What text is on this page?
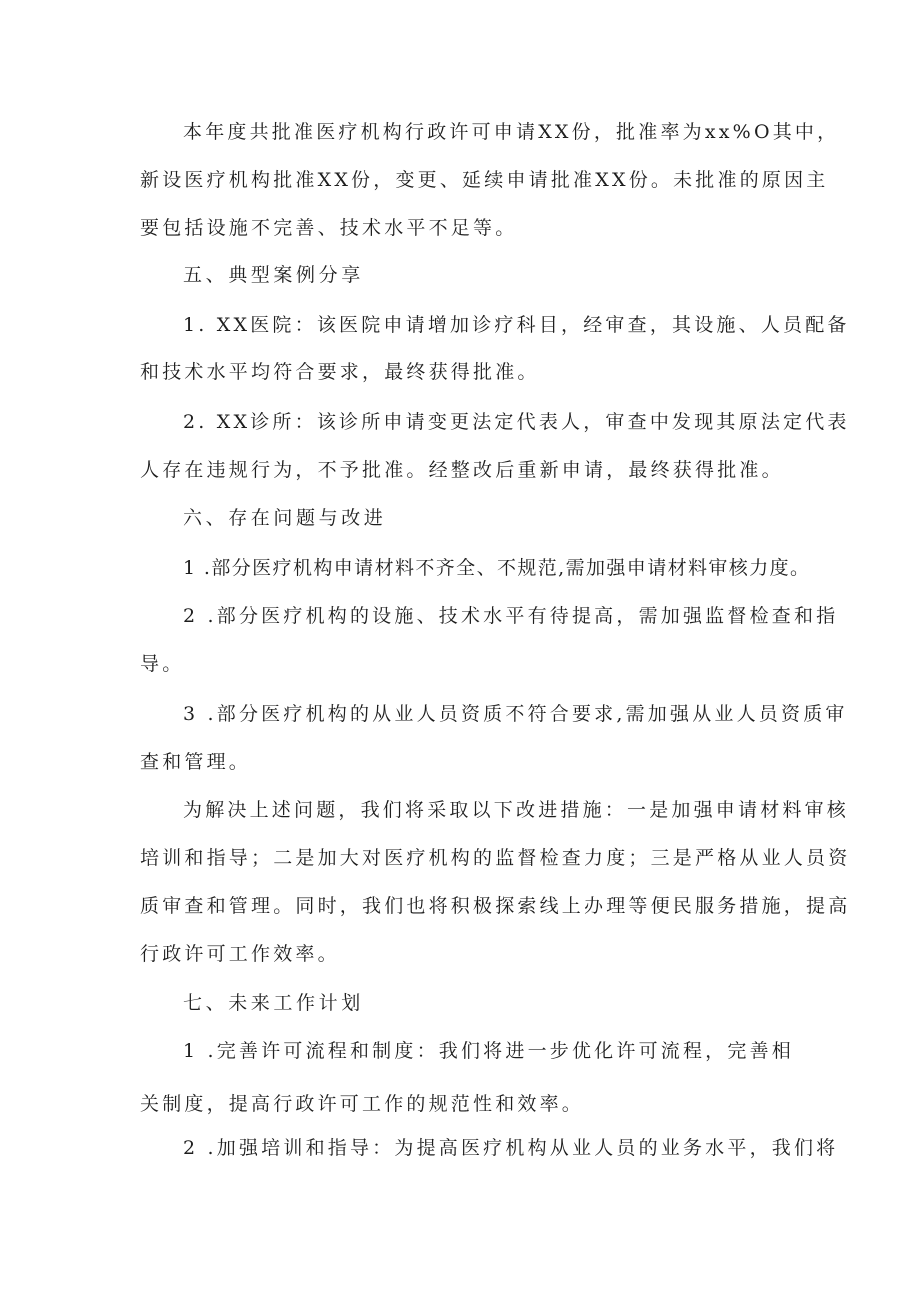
本年度共批准医疗机构行政许可申请XX份，批准率为xx%O其中，
新设医疗机构批准XX份，变更、延续申请批准XX份。未批准的原因主
要包括设施不完善、技术水平不足等。
五、典型案例分享
1. XX医院：该医院申请增加诊疗科目，经审查，其设施、人员配备
和技术水平均符合要求，最终获得批准。
2. XX诊所：该诊所申请变更法定代表人，审查中发现其原法定代表
人存在违规行为，不予批准。经整改后重新申请，最终获得批准。
六、存在问题与改进
1 .部分医疗机构申请材料不齐全、不规范,需加强申请材料审核力度。
2 .部分医疗机构的设施、技术水平有待提高，需加强监督检查和指
导。
3 .部分医疗机构的从业人员资质不符合要求,需加强从业人员资质审
查和管理。
为解决上述问题，我们将采取以下改进措施：一是加强申请材料审核
培训和指导；二是加大对医疗机构的监督检查力度；三是严格从业人员资
质审查和管理。同时，我们也将积极探索线上办理等便民服务措施，提高
行政许可工作效率。
七、未来工作计划
1 .完善许可流程和制度：我们将进一步优化许可流程，完善相
关制度，提高行政许可工作的规范性和效率。
2 .加强培训和指导：为提高医疗机构从业人员的业务水平，我们将
